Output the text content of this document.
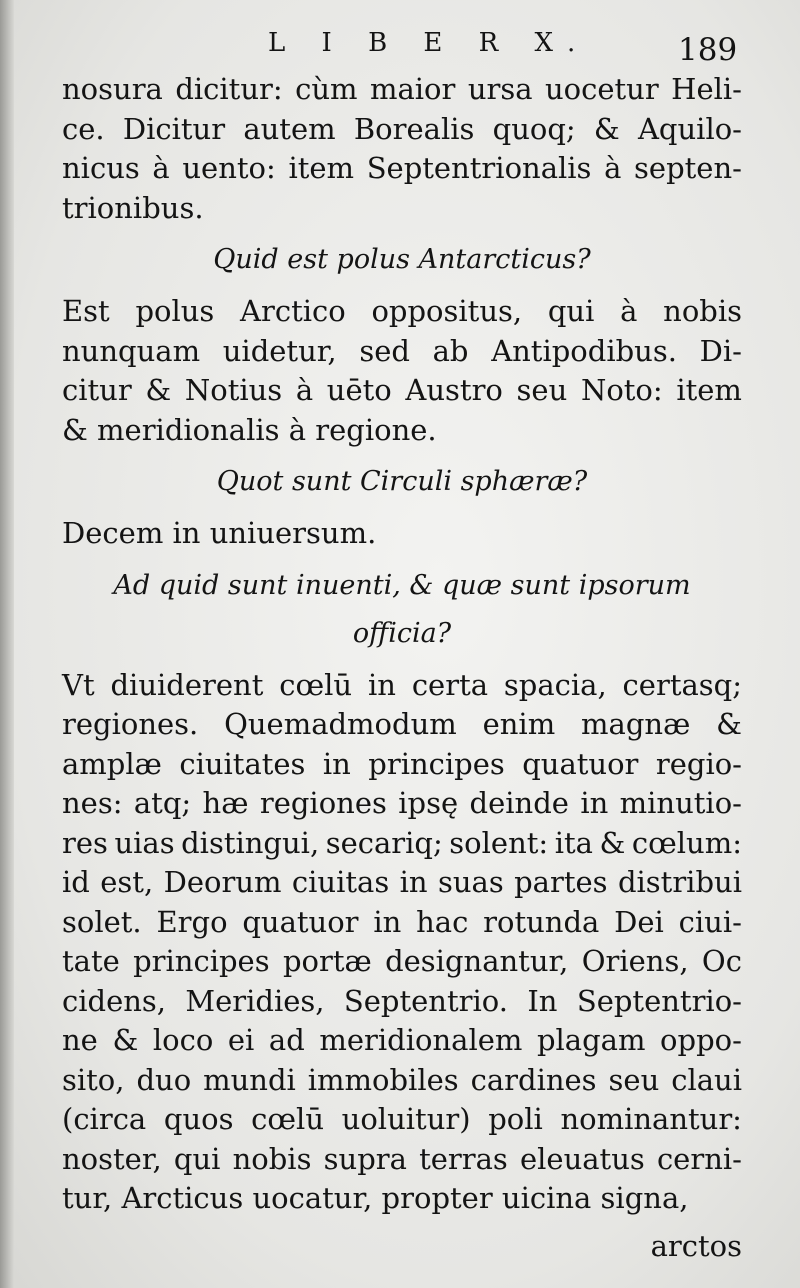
L I B E R X.	189
nosura dicitur: cùm maior ursa uocetur Heli-
ce. Dicitur autem Borealis quoq; & Aquilo-
nicus à uento: item Septentrionalis à septen-
trionibus.
Quid est polus Antarcticus?
Est polus Arctico oppositus, qui à nobis
nunquam uidetur, sed ab Antipodibus. Di-
citur & Notius à uēto Austro seu Noto: item
& meridionalis à regione.
Quot sunt Circuli sphæræ?
Decem in uniuersum.
Ad quid sunt inuenti, & quæ sunt ipsorum
officia?
Vt diuiderent cœlū in certa spacia, certasq;
regiones. Quemadmodum enim magnæ &
amplæ ciuitates in principes quatuor regio-
nes: atq; hæ regiones ipsę deinde in minutio-
res uias distingui, secariq; solent: ita & cœlum:
id est, Deorum ciuitas in suas partes distribui
solet. Ergo quatuor in hac rotunda Dei ciui-
tate principes portæ designantur, Oriens, Oc
cidens, Meridies, Septentrio. In Septentrio-
ne & loco ei ad meridionalem plagam oppo-
sito, duo mundi immobiles cardines seu claui
(circa quos cœlū uoluitur) poli nominantur:
noster, qui nobis supra terras eleuatus cerni-
tur, Arcticus uocatur, propter uicina signa,
arctos
